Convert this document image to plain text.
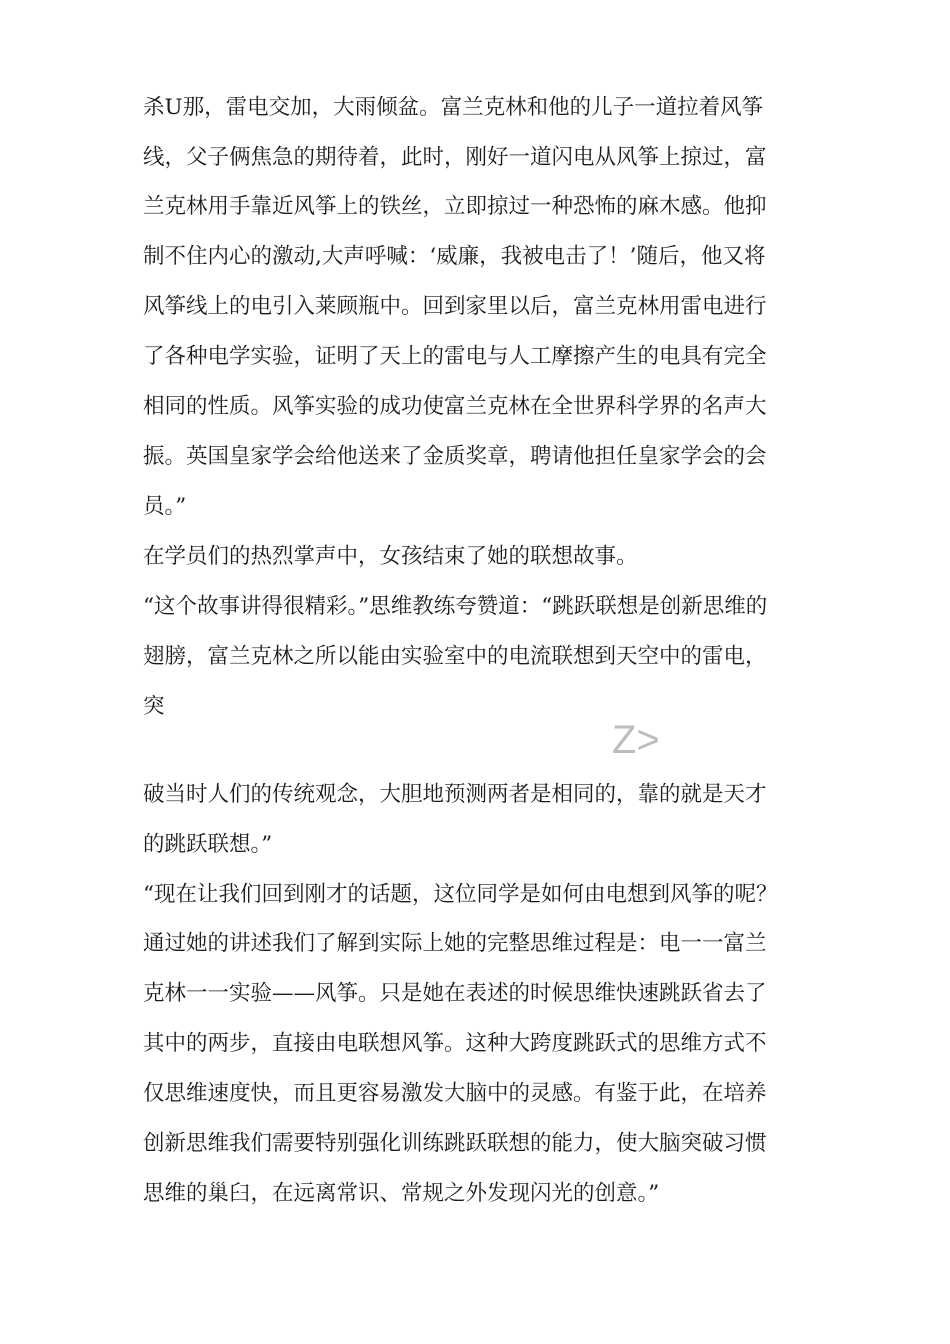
杀U那，雷电交加，大雨倾盆。富兰克林和他的儿子一道拉着风筝
线，父子俩焦急的期待着，此时，刚好一道闪电从风筝上掠过，富
兰克林用手靠近风筝上的铁丝，立即掠过一种恐怖的麻木感。他抑
制不住内心的激动,大声呼喊：‘威廉，我被电击了！’随后，他又将
风筝线上的电引入莱顾瓶中。回到家里以后，富兰克林用雷电进行
了各种电学实验，证明了天上的雷电与人工摩擦产生的电具有完全
相同的性质。风筝实验的成功使富兰克林在全世界科学界的名声大
振。英国皇家学会给他送来了金质奖章，聘请他担任皇家学会的会
员。”
在学员们的热烈掌声中，女孩结束了她的联想故事。
“这个故事讲得很精彩。”思维教练夸赞道：“跳跃联想是创新思维的
翅膀，富兰克林之所以能由实验室中的电流联想到天空中的雷电，
突
Z>
破当时人们的传统观念，大胆地预测两者是相同的，靠的就是天才
的跳跃联想。”
“现在让我们回到刚才的话题，这位同学是如何由电想到风筝的呢？
通过她的讲述我们了解到实际上她的完整思维过程是：电一一富兰
克林一一实验——风筝。只是她在表述的时候思维快速跳跃省去了
其中的两步，直接由电联想风筝。这种大跨度跳跃式的思维方式不
仅思维速度快，而且更容易激发大脑中的灵感。有鉴于此，在培养
创新思维我们需要特别强化训练跳跃联想的能力，使大脑突破习惯
思维的巢臼，在远离常识、常规之外发现闪光的创意。”
